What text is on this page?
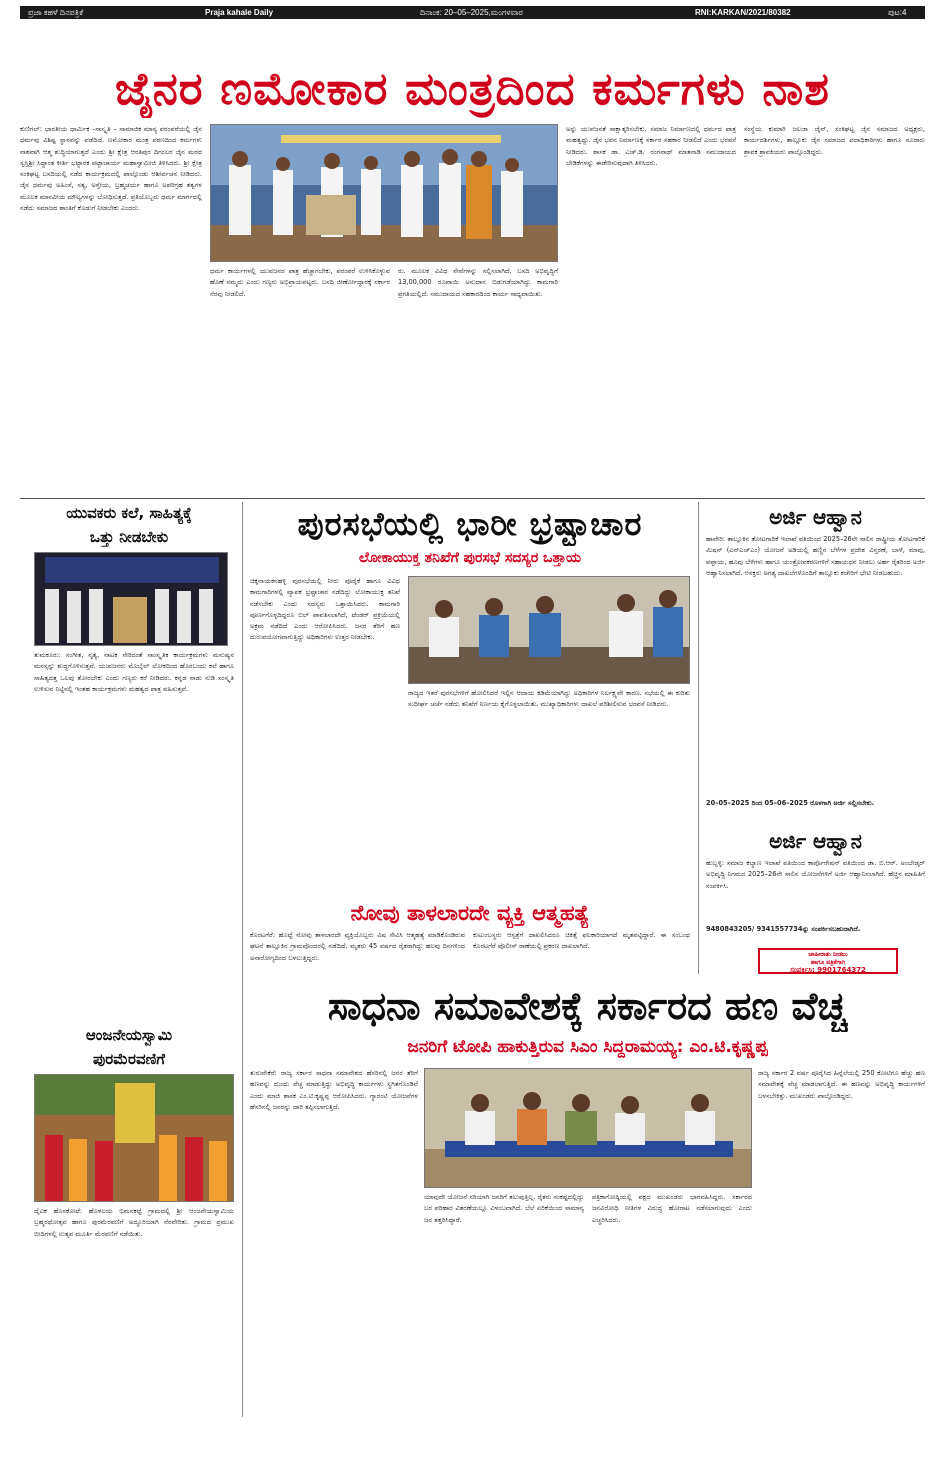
ಪ್ರಜಾ ಕಹಳೆ ದಿನಪತ್ರಿಕೆ	Praja kahale Daily	ದಿನಾಂಕ: 20–05–2025,ಮಂಗಳವಾರ	RNI:KARKAN/2021/80382	ಪುಟ:4
ಜೈನರ ಣಮೋಕಾರ ಮಂತ್ರದಿಂದ ಕರ್ಮಗಳು ನಾಶ
ಕುಣಿಗಲ್: ಭಾರತೀಯ ಧಾರ್ಮಿಕ –ಸಾಸ್ಕೃತಿ – ಸಾಮಾಜಿಕ ಮಾನ್ಯ ಪರಂಪರೆಯಲ್ಲಿ ಜೈನ ಧರ್ಮವು ವಿಶಿಷ್ಟ ಸ್ಥಾನವನ್ನು ಪಡೆದಿದೆ. ಣಮೋಕಾರ ಮಂತ್ರ ಪಠಣದಿಂದ ಕರ್ಮಗಳು ನಾಶವಾಗಿ ಆತ್ಮ ಶುದ್ಧಿಯಾಗುತ್ತದೆ ಎಂದು ಶ್ರೀ ಕ್ಷೇತ್ರ ಆರತಿಪುರ ದಿಗಂಬರ ಜೈನ ಮಠದ ಸ್ವಸ್ತಿಶ್ರೀ ಸಿದ್ಧಾಂತ ಕೀರ್ತಿ ಭಟ್ಟಾರಕ ಪಟ್ಟಾಚಾರ್ಯ ಮಹಾಸ್ವಾಮೀಜಿ ತಿಳಿಸಿದರು. ಶ್ರೀ ಕ್ಷೇತ್ರ ಸಂಕಿಘಟ್ಟ ಬಸದಿಯಲ್ಲಿ ನಡೆದ ಕಾರ್ಯಕ್ರಮದಲ್ಲಿ ಪಾಲ್ಗೊಂಡು ಆಶೀರ್ವಚನ ನೀಡಿದರು. ಜೈನ ಧರ್ಮವು ಅಹಿಂಸೆ, ಸತ್ಯ, ಅಸ್ತೇಯ, ಬ್ರಹ್ಮಚರ್ಯ ಹಾಗೂ ಅಪರಿಗ್ರಹ ತತ್ವಗಳ ಮೂಲಕ ಮಾನವೀಯ ಮೌಲ್ಯಗಳನ್ನು ಬೋಧಿಸುತ್ತದೆ. ಪ್ರತಿಯೊಬ್ಬರು ಧರ್ಮ ಮಾರ್ಗದಲ್ಲಿ ನಡೆದು ಸಮಾಜದ ಶಾಂತಿಗೆ ಕೊಡುಗೆ ನೀಡಬೇಕು ಎಂದರು.
ಧರ್ಮ ಕಾರ್ಯಗಳಲ್ಲಿ ಯುವಜನರ ಪಾತ್ರ ಹೆಚ್ಚಾಗಬೇಕು, ಪರಂಪರೆ ಉಳಿಸಿಕೊಳ್ಳುವ ಹೊಣೆ ನಮ್ಮದು ಎಂದು ಗಣ್ಯರು ಅಭಿಪ್ರಾಯಪಟ್ಟರು. ಬಸದಿ ಜೀರ್ಣೋದ್ಧಾರಕ್ಕೆ ಸರ್ಕಾರ ನೆರವು ನೀಡಲಿದೆ.
ರು. ಮೂಲಕ ವಿವಿಧ ಸೇವೆಗಳನ್ನು ಸಲ್ಲಿಸಲಾಗಿದೆ. ಬಸದಿ ಅಭಿವೃದ್ಧಿಗೆ 13,00,000 ರೂಪಾಯಿ ಅನುದಾನ ಬಿಡುಗಡೆಯಾಗಿದ್ದು ಕಾಮಗಾರಿ ಪ್ರಗತಿಯಲ್ಲಿದೆ. ಸಮುದಾಯದ ಸಹಕಾರದಿಂದ ಕಾರ್ಯ ಸಾಧ್ಯವಾಯಿತು.
ಅನ್ನು ಯುವಜನತೆ ಸಾಕ್ಷಾತ್ಕರಿಸಬೇಕು. ಸಮಾಜ ನಿರ್ಮಾಣದಲ್ಲಿ ಧರ್ಮದ ಪಾತ್ರ ಮಹತ್ವದ್ದು. ಜೈನ ಭವನ ನಿರ್ಮಾಣಕ್ಕೆ ಸರ್ಕಾರ ಸಹಕಾರ ನೀಡಲಿದೆ ಎಂದು ಭರವಸೆ ನೀಡಿದರು. ಶಾಸಕ ಡಾ. ಎಚ್.ಡಿ. ರಂಗನಾಥ್ ಮಾತನಾಡಿ ಸಮುದಾಯದ ಬೇಡಿಕೆಗಳನ್ನು ಈಡೇರಿಸುವುದಾಗಿ ತಿಳಿಸಿದರು.
ಸಂಸ್ಥೆಯ ಕುಮಾರಿ ಜಲಜಾ ಜೈನ್, ಸಂಕಿಘಟ್ಟ ಜೈನ ಸಮಾಜದ ಅಧ್ಯಕ್ಷರು, ಕಾರ್ಯದರ್ಶಿಗಳು, ತಾಲ್ಲೂಕು ಜೈನ ಸಮಾಜದ ಪದಾಧಿಕಾರಿಗಳು ಹಾಗೂ ನೂರಾರು ಶ್ರಾವಕ ಶ್ರಾವಕಿಯರು ಪಾಲ್ಗೊಂಡಿದ್ದರು.
ಯುವಕರು ಕಲೆ, ಸಾಹಿತ್ಯಕ್ಕೆ
ಒತ್ತು ನೀಡಬೇಕು
ತುಮಕೂರು: ಸಂಗೀತ, ನೃತ್ಯ, ನಾಟಕ ಸೇರಿದಂತೆ ಸಾಂಸ್ಕೃತಿಕ ಕಾರ್ಯಕ್ರಮಗಳು ಮನುಷ್ಯನ ಮನಸ್ಸನ್ನು ಶುದ್ಧಗೊಳಿಸುತ್ತವೆ. ಯುವಜನರು ಮೊಬೈಲ್ ಲೋಕದಿಂದ ಹೊರಬಂದು ಕಲೆ ಹಾಗೂ ಸಾಹಿತ್ಯದತ್ತ ಒಲವು ತೋರಬೇಕು ಎಂದು ಗಣ್ಯರು ಕರೆ ನೀಡಿದರು. ಕನ್ನಡ ನಾಡು ನುಡಿ ಸಂಸ್ಕೃತಿ ಉಳಿಸುವ ನಿಟ್ಟಿನಲ್ಲಿ ಇಂತಹ ಕಾರ್ಯಕ್ರಮಗಳು ಮಹತ್ವದ ಪಾತ್ರ ವಹಿಸುತ್ತವೆ.
ಆಂಜನೇಯಸ್ವಾಮಿ
ಪುರಮೆರವಣಿಗೆ
ದೈವಿಕ ಹೊಸಕೋಟೆ: ಹೊಳಲಯ ಭಿಮನಕಟ್ಟೆ ಗ್ರಾಮದಲ್ಲಿ ಶ್ರೀ ಆಂಜನೇಯಸ್ವಾಮಿಯ ಬ್ರಹ್ಮರಥೋತ್ಸವ ಹಾಗೂ ಪುರಮೆರವಣಿಗೆ ಅದ್ದೂರಿಯಾಗಿ ನೆರವೇರಿತು. ಗ್ರಾಮದ ಪ್ರಮುಖ ಬೀದಿಗಳಲ್ಲಿ ಉತ್ಸವ ಮೂರ್ತಿ ಮೆರವಣಿಗೆ ನಡೆಯಿತು.
ಪುರಸಭೆಯಲ್ಲಿ ಭಾರೀ ಭ್ರಷ್ಟಾಚಾರ
ಲೋಕಾಯುಕ್ತ ತನಿಖೆಗೆ ಪುರಸಭೆ ಸದಸ್ಯರ ಒತ್ತಾಯ
ಚಿಕ್ಕನಾಯಕನಹಳ್ಳಿ ಪುರಸಭೆಯಲ್ಲಿ ನೀರು ಪೂರೈಕೆ ಹಾಗೂ ವಿವಿಧ ಕಾಮಗಾರಿಗಳಲ್ಲಿ ವ್ಯಾಪಕ ಭ್ರಷ್ಟಾಚಾರ ನಡೆದಿದ್ದು ಲೋಕಾಯುಕ್ತ ತನಿಖೆ ನಡೆಸಬೇಕು ಎಂದು ಸದಸ್ಯರು ಒತ್ತಾಯಿಸಿದರು. ಕಾಮಗಾರಿ ಪೂರ್ಣಗೊಳ್ಳದಿದ್ದರೂ ಬಿಲ್ ಪಾವತಿಸಲಾಗಿದೆ, ಟೆಂಡರ್ ಪ್ರಕ್ರಿಯೆಯಲ್ಲಿ ಅಕ್ರಮ ನಡೆದಿದೆ ಎಂದು ಆರೋಪಿಸಿದರು. ಜನರ ತೆರಿಗೆ ಹಣ ದುರುಪಯೋಗವಾಗುತ್ತಿದ್ದು ಅಧಿಕಾರಿಗಳು ಉತ್ತರ ನೀಡಬೇಕು.
ರಾಜ್ಯದ ಇತರೆ ಪುರಸಭೆಗಳಿಗೆ ಹೋಲಿಸಿದರೆ ಇಲ್ಲಿನ ಆದಾಯ ಕಡಿಮೆಯಾಗಿದ್ದು ಅಧಿಕಾರಿಗಳ ನಿರ್ಲಕ್ಷ್ಯವೇ ಕಾರಣ. ಸಭೆಯಲ್ಲಿ ಈ ಕುರಿತು ಸುದೀರ್ಘ ಚರ್ಚೆ ನಡೆದು ತನಿಖೆಗೆ ನಿರ್ಣಯ ಕೈಗೊಳ್ಳಲಾಯಿತು. ಮುಖ್ಯಾಧಿಕಾರಿಗಳು ದಾಖಲೆ ಪರಿಶೀಲಿಸುವ ಭರವಸೆ ನೀಡಿದರು.
ಅರ್ಜಿ ಆಹ್ವಾನ
ಹಾವೇರಿ: ತಾಲ್ಲೂಕಿನ ತೋಟಗಾರಿಕೆ ಇಲಾಖೆ ವತಿಯಿಂದ 2025–26ನೇ ಸಾಲಿನ ರಾಷ್ಟ್ರೀಯ ತೋಟಗಾರಿಕೆ ಮಿಷನ್ (ಎನ್‌ಎಚ್‌ಎಂ) ಯೋಜನೆ ಅಡಿಯಲ್ಲಿ ಹಣ್ಣಿನ ಬೆಳೆಗಳ ಪ್ರದೇಶ ವಿಸ್ತರಣೆ, ಬಾಳೆ, ಮಾವು, ಪಪ್ಪಾಯ, ಹೂವು ಬೆಳೆಗಳು ಹಾಗೂ ಯಂತ್ರೋಪಕರಣಗಳಿಗೆ ಸಹಾಯಧನ ನೀಡಲು ಅರ್ಹ ರೈತರಿಂದ ಅರ್ಜಿ ಆಹ್ವಾನಿಸಲಾಗಿದೆ. ಆಸಕ್ತರು ಅಗತ್ಯ ದಾಖಲೆಗಳೊಂದಿಗೆ ತಾಲ್ಲೂಕು ಕಚೇರಿಗೆ ಭೇಟಿ ನೀಡಬಹುದು.
20–05–2025 ರಿಂದ 05–06–2025 ರೊಳಗಾಗಿ ಅರ್ಜಿ ಸಲ್ಲಿಸಬೇಕು.
ಅರ್ಜಿ ಆಹ್ವಾನ
ಹುಬ್ಬಳ್ಳಿ: ಸಮಾಜ ಕಲ್ಯಾಣ ಇಲಾಖೆ ವತಿಯಿಂದ ಕಾರ್ಪೊರೇಷನ್ ವತಿಯಿಂದ ಡಾ. ಬಿ.ಆರ್. ಅಂಬೇಡ್ಕರ್ ಅಭಿವೃದ್ಧಿ ನಿಗಮದ 2025–26ನೇ ಸಾಲಿನ ಯೋಜನೆಗಳಿಗೆ ಅರ್ಜಿ ಆಹ್ವಾನಿಸಲಾಗಿದೆ. ಹೆಚ್ಚಿನ ಮಾಹಿತಿಗೆ ಸಂಪರ್ಕಿಸಿ.
9480843205/ 9341557734ನ್ನು ಸಂಪರ್ಕಿಸಬಹುದಾಗಿದೆ.
ಜಾಹೀರಾತು ನೀಡಲು
ಹಾಗೂ ಪತ್ರಿಕೆಗಾಗಿ
ಸಂಪರ್ಕಿಸಿ: 9901764372
ನೋವು ತಾಳಲಾರದೇ ವ್ಯಕ್ತಿ ಆತ್ಮಹತ್ಯೆ
ಕೊರಟಗೆರೆ: ಹೊಟ್ಟೆ ನೋವು ತಾಳಲಾರದೇ ವ್ಯಕ್ತಿಯೊಬ್ಬರು ವಿಷ ಸೇವಿಸಿ ಆತ್ಮಹತ್ಯೆ ಮಾಡಿಕೊಂಡಿರುವ ಘಟನೆ ತಾಲ್ಲೂಕಿನ ಗ್ರಾಮವೊಂದರಲ್ಲಿ ನಡೆದಿದೆ. ಮೃತರು 45 ವರ್ಷದ ರೈತರಾಗಿದ್ದು ಹಲವು ದಿನಗಳಿಂದ ಅನಾರೋಗ್ಯದಿಂದ ಬಳಲುತ್ತಿದ್ದರು.
ಕುಟುಂಬಸ್ಥರು ಆಸ್ಪತ್ರೆಗೆ ದಾಖಲಿಸಿದರೂ ಚಿಕಿತ್ಸೆ ಫಲಕಾರಿಯಾಗದೆ ಮೃತಪಟ್ಟಿದ್ದಾರೆ. ಈ ಸಂಬಂಧ ಕೊರಟಗೆರೆ ಪೊಲೀಸ್ ಠಾಣೆಯಲ್ಲಿ ಪ್ರಕರಣ ದಾಖಲಾಗಿದೆ.
ಸಾಧನಾ ಸಮಾವೇಶಕ್ಕೆ ಸರ್ಕಾರದ ಹಣ ವೆಚ್ಚ
ಜನರಿಗೆ ಟೋಪಿ ಹಾಕುತ್ತಿರುವ ಸಿಎಂ ಸಿದ್ದರಾಮಯ್ಯ: ಎಂ.ಟಿ.ಕೃಷ್ಣಪ್ಪ
ತುರುವೇಕೆರೆ: ರಾಜ್ಯ ಸರ್ಕಾರ ಸಾಧನಾ ಸಮಾವೇಶದ ಹೆಸರಿನಲ್ಲಿ ಜನರ ತೆರಿಗೆ ಹಣವನ್ನು ದುಂದು ವೆಚ್ಚ ಮಾಡುತ್ತಿದ್ದು ಅಭಿವೃದ್ಧಿ ಕಾರ್ಯಗಳು ಸ್ಥಗಿತಗೊಂಡಿವೆ ಎಂದು ಮಾಜಿ ಶಾಸಕ ಎಂ.ಟಿ.ಕೃಷ್ಣಪ್ಪ ಆರೋಪಿಸಿದರು. ಗ್ಯಾರಂಟಿ ಯೋಜನೆಗಳ ಹೆಸರಿನಲ್ಲಿ ಜನರನ್ನು ದಾರಿ ತಪ್ಪಿಸಲಾಗುತ್ತಿದೆ.
ಯಾವುದೇ ಯೋಜನೆ ಸರಿಯಾಗಿ ಜನರಿಗೆ ತಲುಪುತ್ತಿಲ್ಲ. ರೈತರು ಸಂಕಷ್ಟದಲ್ಲಿದ್ದು ಬರ ಪರಿಹಾರ ವಿತರಣೆಯಲ್ಲೂ ವಿಳಂಬವಾಗಿದೆ. ಬೆಲೆ ಏರಿಕೆಯಿಂದ ಸಾಮಾನ್ಯ ಜನ ತತ್ತರಿಸಿದ್ದಾರೆ.
ಪತ್ರಿಕಾಗೋಷ್ಠಿಯಲ್ಲಿ ಪಕ್ಷದ ಮುಖಂಡರು ಭಾಗವಹಿಸಿದ್ದರು. ಸರ್ಕಾರದ ಜನವಿರೋಧಿ ನೀತಿಗಳ ವಿರುದ್ಧ ಹೋರಾಟ ನಡೆಸಲಾಗುವುದು ಎಂದು ಎಚ್ಚರಿಸಿದರು.
ರಾಜ್ಯ ಸರ್ಕಾರ 2 ವರ್ಷ ಪೂರೈಸಿದ ಹಿನ್ನೆಲೆಯಲ್ಲಿ 250 ಕೋಟಿಗೂ ಹೆಚ್ಚು ಹಣ ಸಮಾವೇಶಕ್ಕೆ ವೆಚ್ಚ ಮಾಡಲಾಗುತ್ತಿದೆ. ಈ ಹಣವನ್ನು ಅಭಿವೃದ್ಧಿ ಕಾರ್ಯಗಳಿಗೆ ಬಳಸಬೇಕಿತ್ತು. ಮುಖಂಡರು ಪಾಲ್ಗೊಂಡಿದ್ದರು.
